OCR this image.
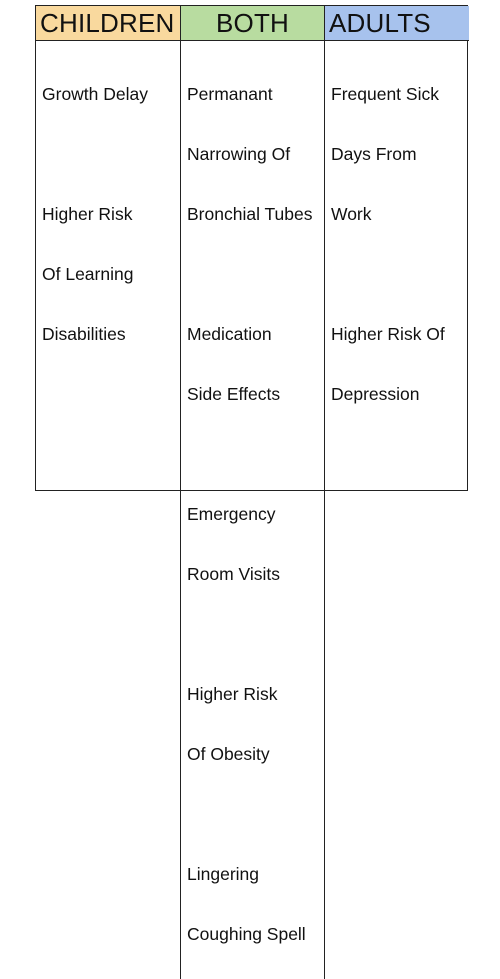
CHILDREN	BOTH	ADULTS

Growth Delay

Higher Risk

Of Learning

Disabilities

Permanant

Narrowing Of

Bronchial Tubes

Medication

Side Effects

Emergency

Room Visits

Higher Risk

Of Obesity

Lingering

Coughing Spell

Frequent Sick

Days From

Work

Higher Risk Of

Depression
